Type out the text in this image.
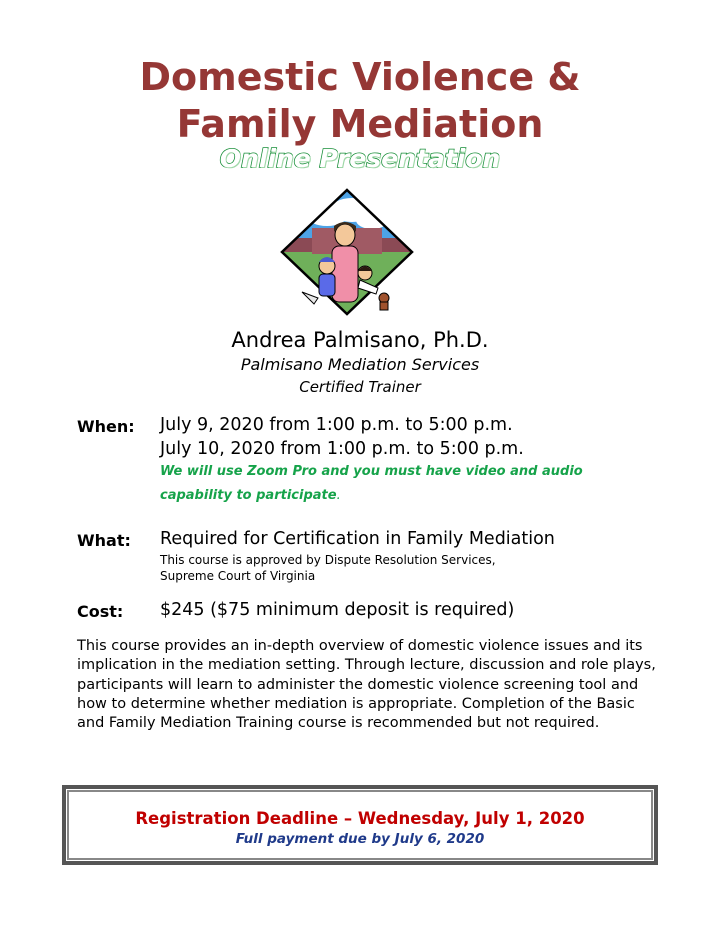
Domestic Violence &
Family Mediation
Online Presentation
Andrea Palmisano, Ph.D.
Palmisano Mediation Services
Certified Trainer
When: July 9, 2020 from 1:00 p.m. to 5:00 p.m.
July 10, 2020 from 1:00 p.m. to 5:00 p.m.
We will use Zoom Pro and you must have video and audio
capability to participate.
What: Required for Certification in Family Mediation
This course is approved by Dispute Resolution Services,
Supreme Court of Virginia
Cost: $245 ($75 minimum deposit is required)
This course provides an in-depth overview of domestic violence issues and its implication in the mediation setting. Through lecture, discussion and role plays, participants will learn to administer the domestic violence screening tool and how to determine whether mediation is appropriate. Completion of the Basic and Family Mediation Training course is recommended but not required.
Registration Deadline – Wednesday, July 1, 2020
Full payment due by July 6, 2020
